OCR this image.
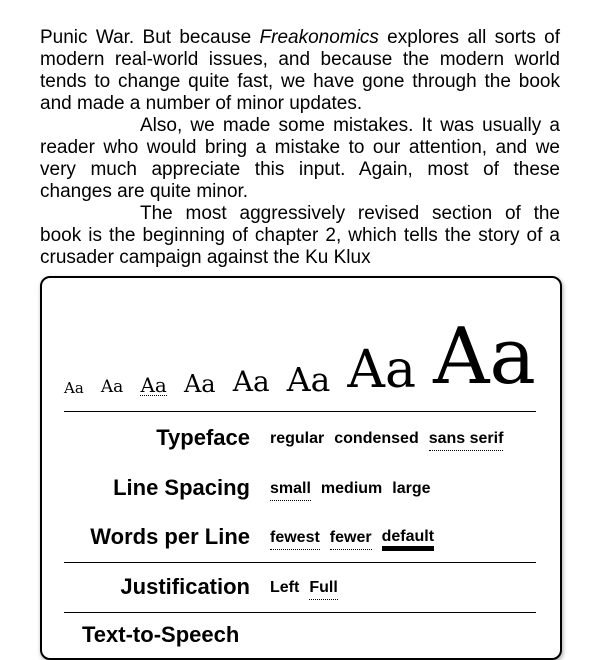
Punic War. But because Freakonomics explores all sorts of modern real-world issues, and because the modern world tends to change quite fast, we have gone through the book and made a number of minor updates.

Also, we made some mistakes. It was usually a reader who would bring a mistake to our attention, and we very much appreciate this input. Again, most of these changes are quite minor.

The most aggressively revised section of the book is the beginning of chapter 2, which tells the story of a crusader campaign against the Ku Klux

Aa Aa Aa Aa Aa Aa Aa Aa
Typeface	regular condensed sans serif
Line Spacing	small medium large
Words per Line	fewest fewer default
Justification	Left Full
Text-to-Speech
